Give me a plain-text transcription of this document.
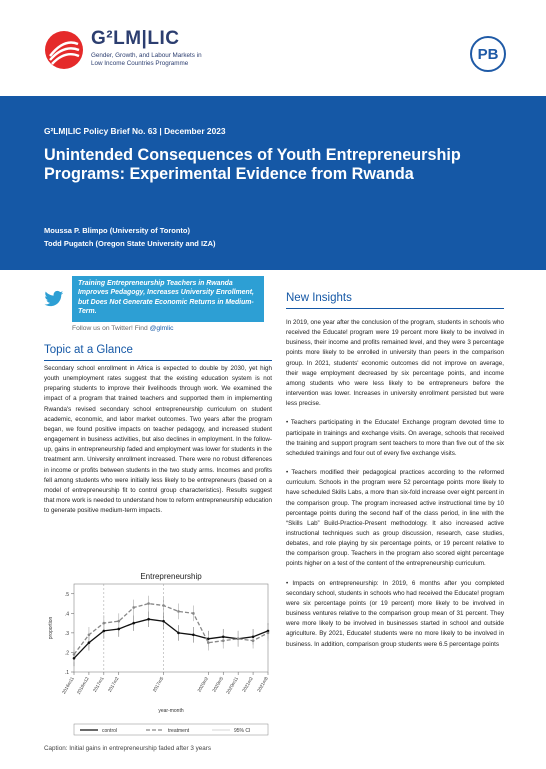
G²LM|LIC
Gender, Growth, and Labour Markets in
Low Income Countries Programme
PB
G²LM|LIC Policy Brief No. 63 | December 2023
Unintended Consequences of Youth Entrepreneurship Programs: Experimental Evidence from Rwanda
Moussa P. Blimpo (University of Toronto)
Todd Pugatch (Oregon State University and IZA)
Training Entrepreneurship Teachers in Rwanda Improves Pedagogy, Increases University Enrollment, but Does Not Generate Economic Returns in Medium-Term.
Follow us on Twitter! Find @glmlic
Topic at a Glance
Secondary school enrollment in Africa is expected to double by 2030, yet high youth unemployment rates suggest that the existing education system is not preparing students to improve their livelihoods through work. We examined the impact of a program that trained teachers and supported them in implementing Rwanda's revised secondary school entrepreneurship curriculum on student academic, economic, and labor market outcomes. Two years after the program began, we found positive impacts on teacher pedagogy, and increased student engagement in business activities, but also declines in employment. In the follow-up, gains in entrepreneurship faded and employment was lower for students in the treatment arm. University enrollment increased. There were no robust differences in income or profits between students in the two study arms. Incomes and profits fell among students who were initially less likely to be entrepreneurs (based on a model of entrepreneurship fit to control group characteristics). Results suggest that more work is needed to understand how to reform entrepreneurship education to generate positive medium-term impacts.
Entrepreneurship
.1
.2
.3
.4
.5
proportion
2016m11 2016m12 2017m1 2017m2	2017m5	2020m2 2020m5 2020m11 2021m2 2021m8
year-month
control	treatment	95% CI
Caption: Initial gains in entrepreneurship faded after 3 years
New Insights

In 2019, one year after the conclusion of the program, students in schools who received the Educate! program were 19 percent more likely to be involved in business, their income and profits remained level, and they were 3 percentage points more likely to be enrolled in university than peers in the comparison group. In 2021, students' economic outcomes did not improve on average, their wage employment decreased by six percentage points, and income among students who were less likely to be entrepreneurs before the intervention was lower. Increases in university enrollment persisted but were less precise.

• Teachers participating in the Educate! Exchange program devoted time to participate in trainings and exchange visits. On average, schools that received the training and support program sent teachers to more than five out of the six scheduled trainings and four out of every five exchange visits.

• Teachers modified their pedagogical practices according to the reformed curriculum. Schools in the program were 52 percentage points more likely to have scheduled Skills Labs, a more than six-fold increase over eight percent in the comparison group. The program increased active instructional time by 10 percentage points during the second half of the class period, in line with the “Skills Lab” Build-Practice-Present methodology. It also increased active instructional techniques such as group discussion, research, case studies, debates, and role playing by six percentage points, or 19 percent relative to the comparison group. Teachers in the program also scored eight percentage points higher on a test of the content of the entrepreneurship curriculum.

• Impacts on entrepreneurship: In 2019, 6 months after you completed secondary school, students in schools who had received the Educate! program were six percentage points (or 19 percent) more likely to be involved in business ventures relative to the comparison group mean of 31 percent. They were more likely to be involved in businesses started in school and outside agriculture. By 2021, Educate! students were no more likely to be involved in business. In addition, comparison group students were 6.5 percentage points
